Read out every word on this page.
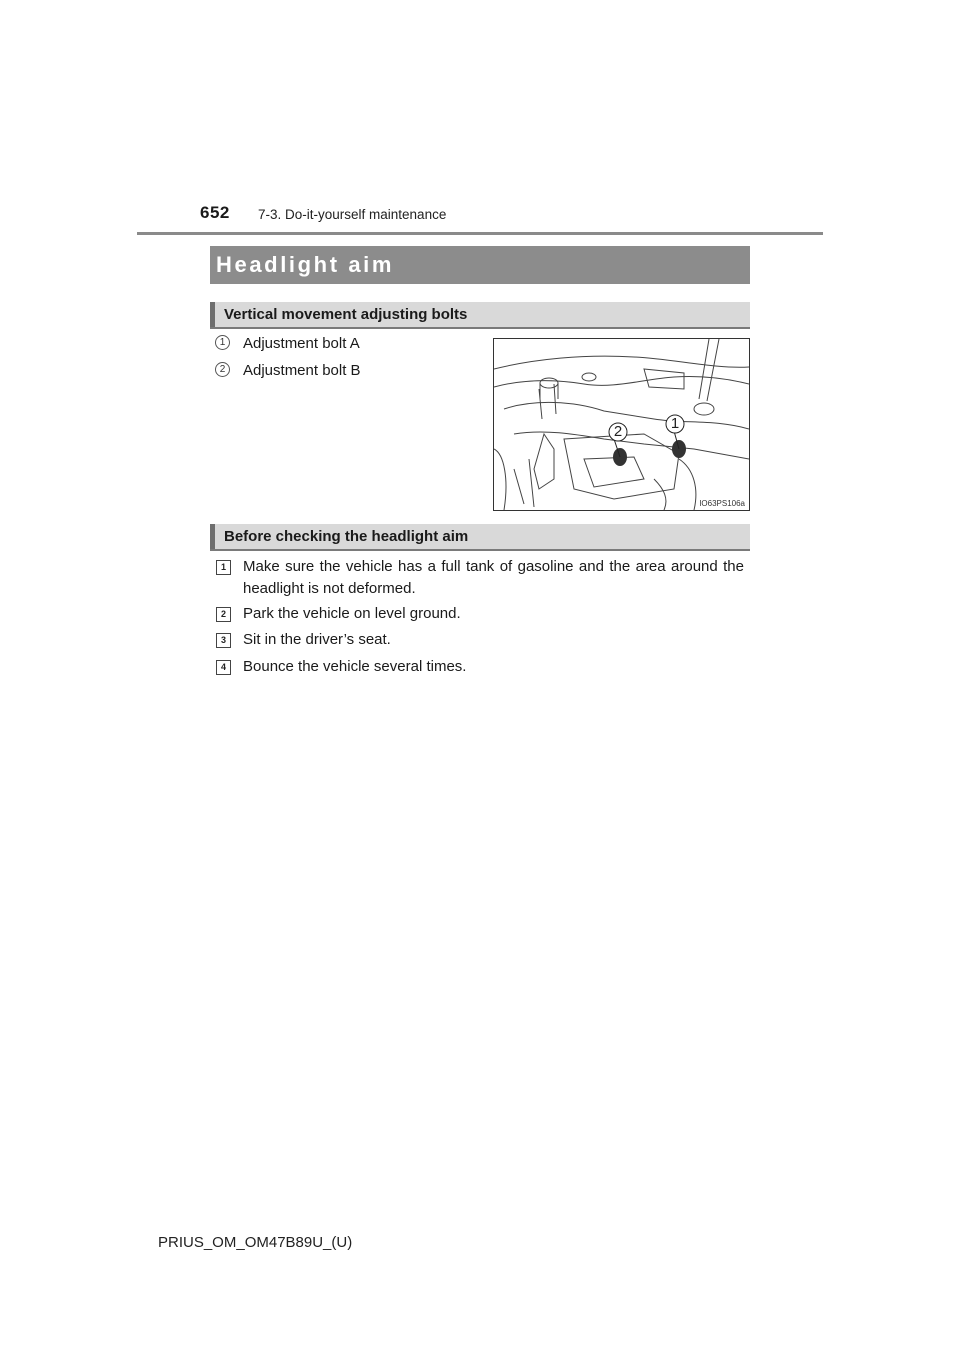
652 7-3. Do-it-yourself maintenance
Headlight aim
Vertical movement adjusting bolts
1	Adjustment bolt A
2	Adjustment bolt B
2	1
IO63PS106a
Before checking the headlight aim
1	Make sure the vehicle has a full tank of gasoline and the area around the headlight is not deformed.
2	Park the vehicle on level ground.
3	Sit in the driver’s seat.
4	Bounce the vehicle several times.
PRIUS_OM_OM47B89U_(U)
